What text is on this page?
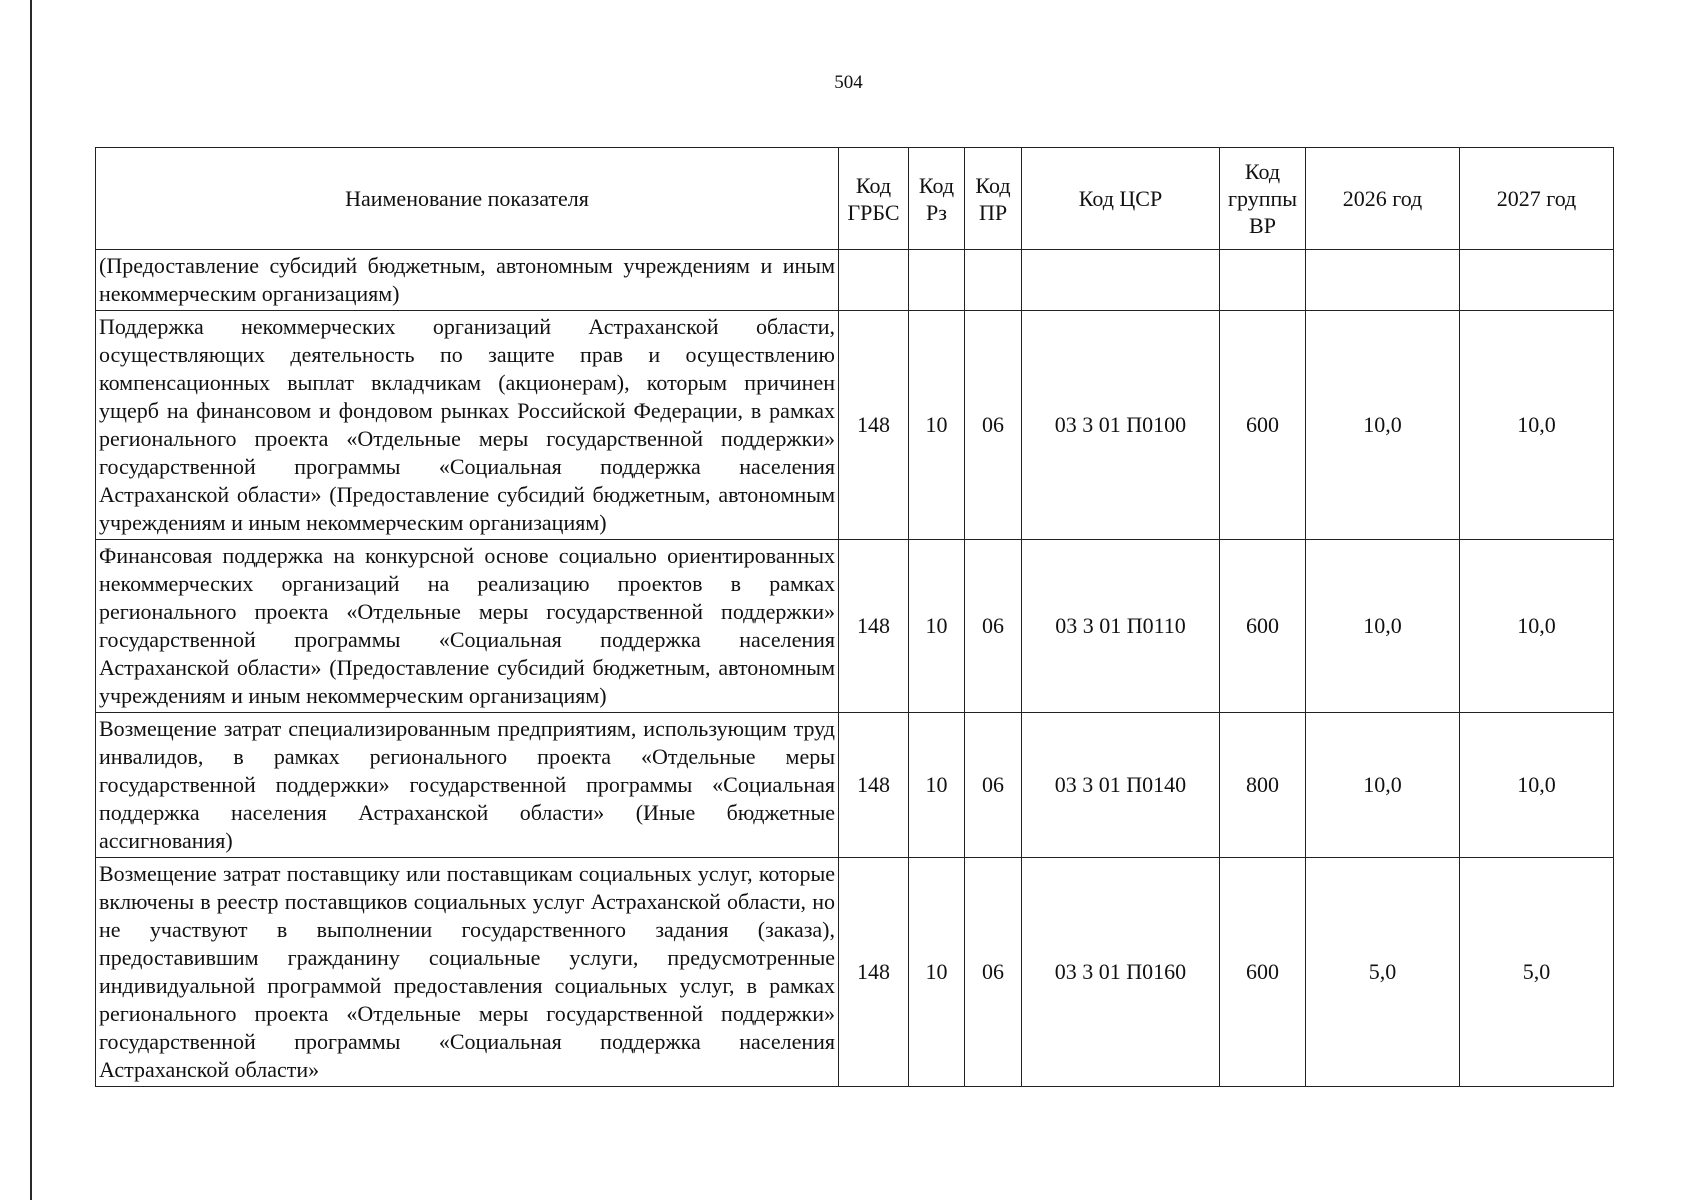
504
Наименование показателя	Код ГРБС	Код Рз	Код ПР	Код ЦСР	Код группы ВР	2026 год	2027 год
(Предоставление субсидий бюджетным, автономным учреждениям и иным некоммерческим организациям)							
Поддержка некоммерческих организаций Астраханской области, осуществляющих деятельность по защите прав и осуществлению компенсационных выплат вкладчикам (акционерам), которым причинен ущерб на финансовом и фондовом рынках Российской Федерации, в рамках регионального проекта «Отдельные меры государственной поддержки» государственной программы «Социальная поддержка населения Астраханской области» (Предоставление субсидий бюджетным, автономным учреждениям и иным некоммерческим организациям)	148	10	06	03 3 01 П0100	600	10,0	10,0
Финансовая поддержка на конкурсной основе социально ориентированных некоммерческих организаций на реализацию проектов в рамках регионального проекта «Отдельные меры государственной поддержки» государственной программы «Социальная поддержка населения Астраханской области» (Предоставление субсидий бюджетным, автономным учреждениям и иным некоммерческим организациям)	148	10	06	03 3 01 П0110	600	10,0	10,0
Возмещение затрат специализированным предприятиям, использующим труд инвалидов, в рамках регионального проекта «Отдельные меры государственной поддержки» государственной программы «Социальная поддержка населения Астраханской области» (Иные бюджетные ассигнования)	148	10	06	03 3 01 П0140	800	10,0	10,0
Возмещение затрат поставщику или поставщикам социальных услуг, которые включены в реестр поставщиков социальных услуг Астраханской области, но не участвуют в выполнении государственного задания (заказа), предоставившим гражданину социальные услуги, предусмотренные индивидуальной программой предоставления социальных услуг, в рамках регионального проекта «Отдельные меры государственной поддержки» государственной программы «Социальная поддержка населения Астраханской области»	148	10	06	03 3 01 П0160	600	5,0	5,0
